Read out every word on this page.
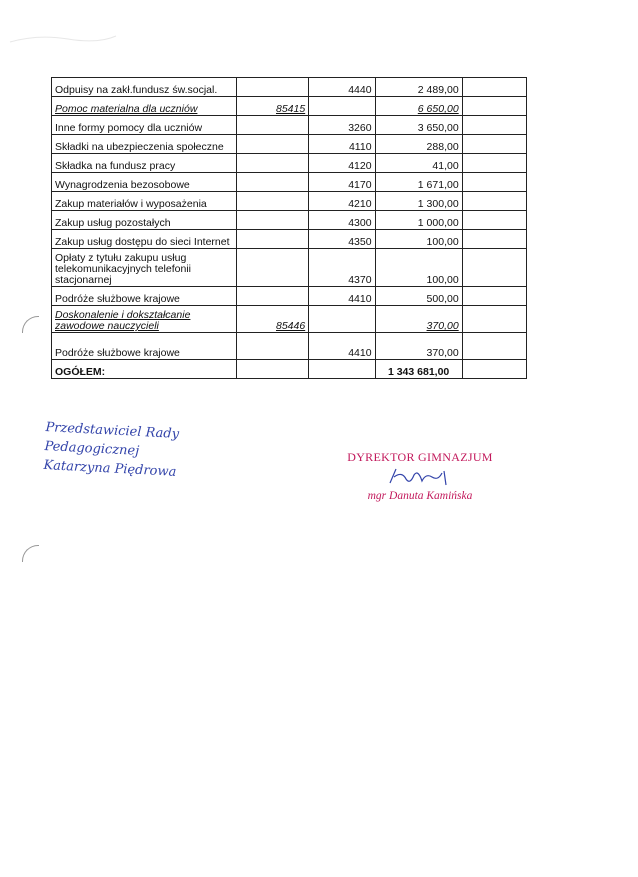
Odpuisy na zakł.fundusz św.socjal.		4440	2 489,00	
Pomoc materialna dla uczniów	85415		6 650,00	
Inne formy pomocy dla uczniów		3260	3 650,00	
Składki na ubezpieczenia społeczne		4110	288,00	
Składka na fundusz pracy		4120	41,00	
Wynagrodzenia bezosobowe		4170	1 671,00	
Zakup materiałów i wyposażenia		4210	1 300,00	
Zakup usług pozostałych		4300	1 000,00	
Zakup usług dostępu do sieci Internet		4350	100,00	
Opłaty z tytułu zakupu usług telekomunikacyjnych telefonii stacjonarnej		4370	100,00	
Podróże służbowe krajowe		4410	500,00	
Doskonalenie i dokształcanie zawodowe nauczycieli	85446		370,00	
Podróże służbowe krajowe		4410	370,00	
OGÓŁEM:			1 343 681,00	
Przedstawiciel Rady
Pedagogicznej
Katarzyna Piędrowa
DYREKTOR GIMNAZJUM
mgr Danuta Kamińska
